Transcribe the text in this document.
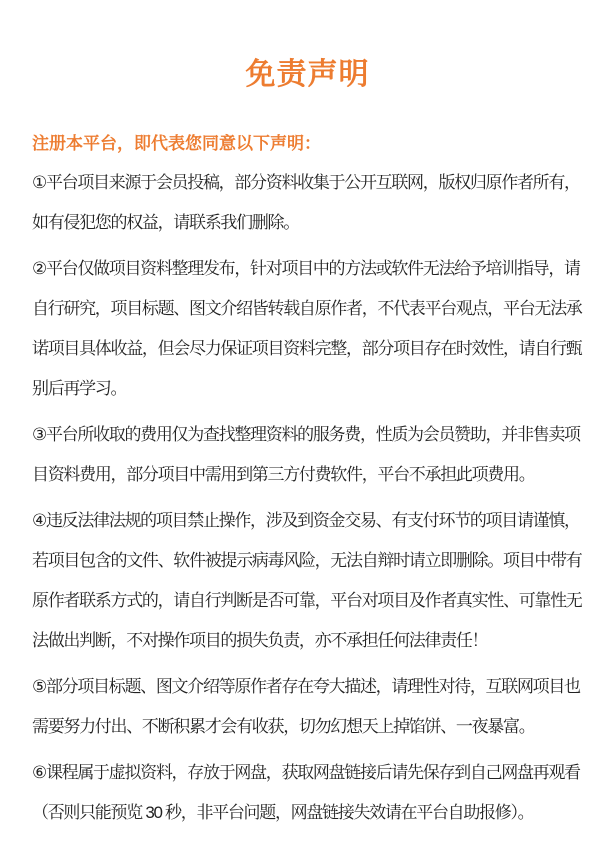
免责声明

注册本平台，即代表您同意以下声明：

①平台项目来源于会员投稿，部分资料收集于公开互联网，版权归原作者所有，
如有侵犯您的权益，请联系我们删除。
②平台仅做项目资料整理发布，针对项目中的方法或软件无法给予培训指导，请
自行研究，项目标题、图文介绍皆转载自原作者，不代表平台观点，平台无法承
诺项目具体收益，但会尽力保证项目资料完整，部分项目存在时效性，请自行甄
别后再学习。
③平台所收取的费用仅为查找整理资料的服务费，性质为会员赞助，并非售卖项
目资料费用，部分项目中需用到第三方付费软件，平台不承担此项费用。
④违反法律法规的项目禁止操作，涉及到资金交易、有支付环节的项目请谨慎，
若项目包含的文件、软件被提示病毒风险，无法自辩时请立即删除。项目中带有
原作者联系方式的，请自行判断是否可靠，平台对项目及作者真实性、可靠性无
法做出判断，不对操作项目的损失负责，亦不承担任何法律责任！
⑤部分项目标题、图文介绍等原作者存在夸大描述，请理性对待，互联网项目也
需要努力付出、不断积累才会有收获，切勿幻想天上掉馅饼、一夜暴富。
⑥课程属于虚拟资料，存放于网盘，获取网盘链接后请先保存到自己网盘再观看
（否则只能预览 30 秒，非平台问题，网盘链接失效请在平台自助报修）。
